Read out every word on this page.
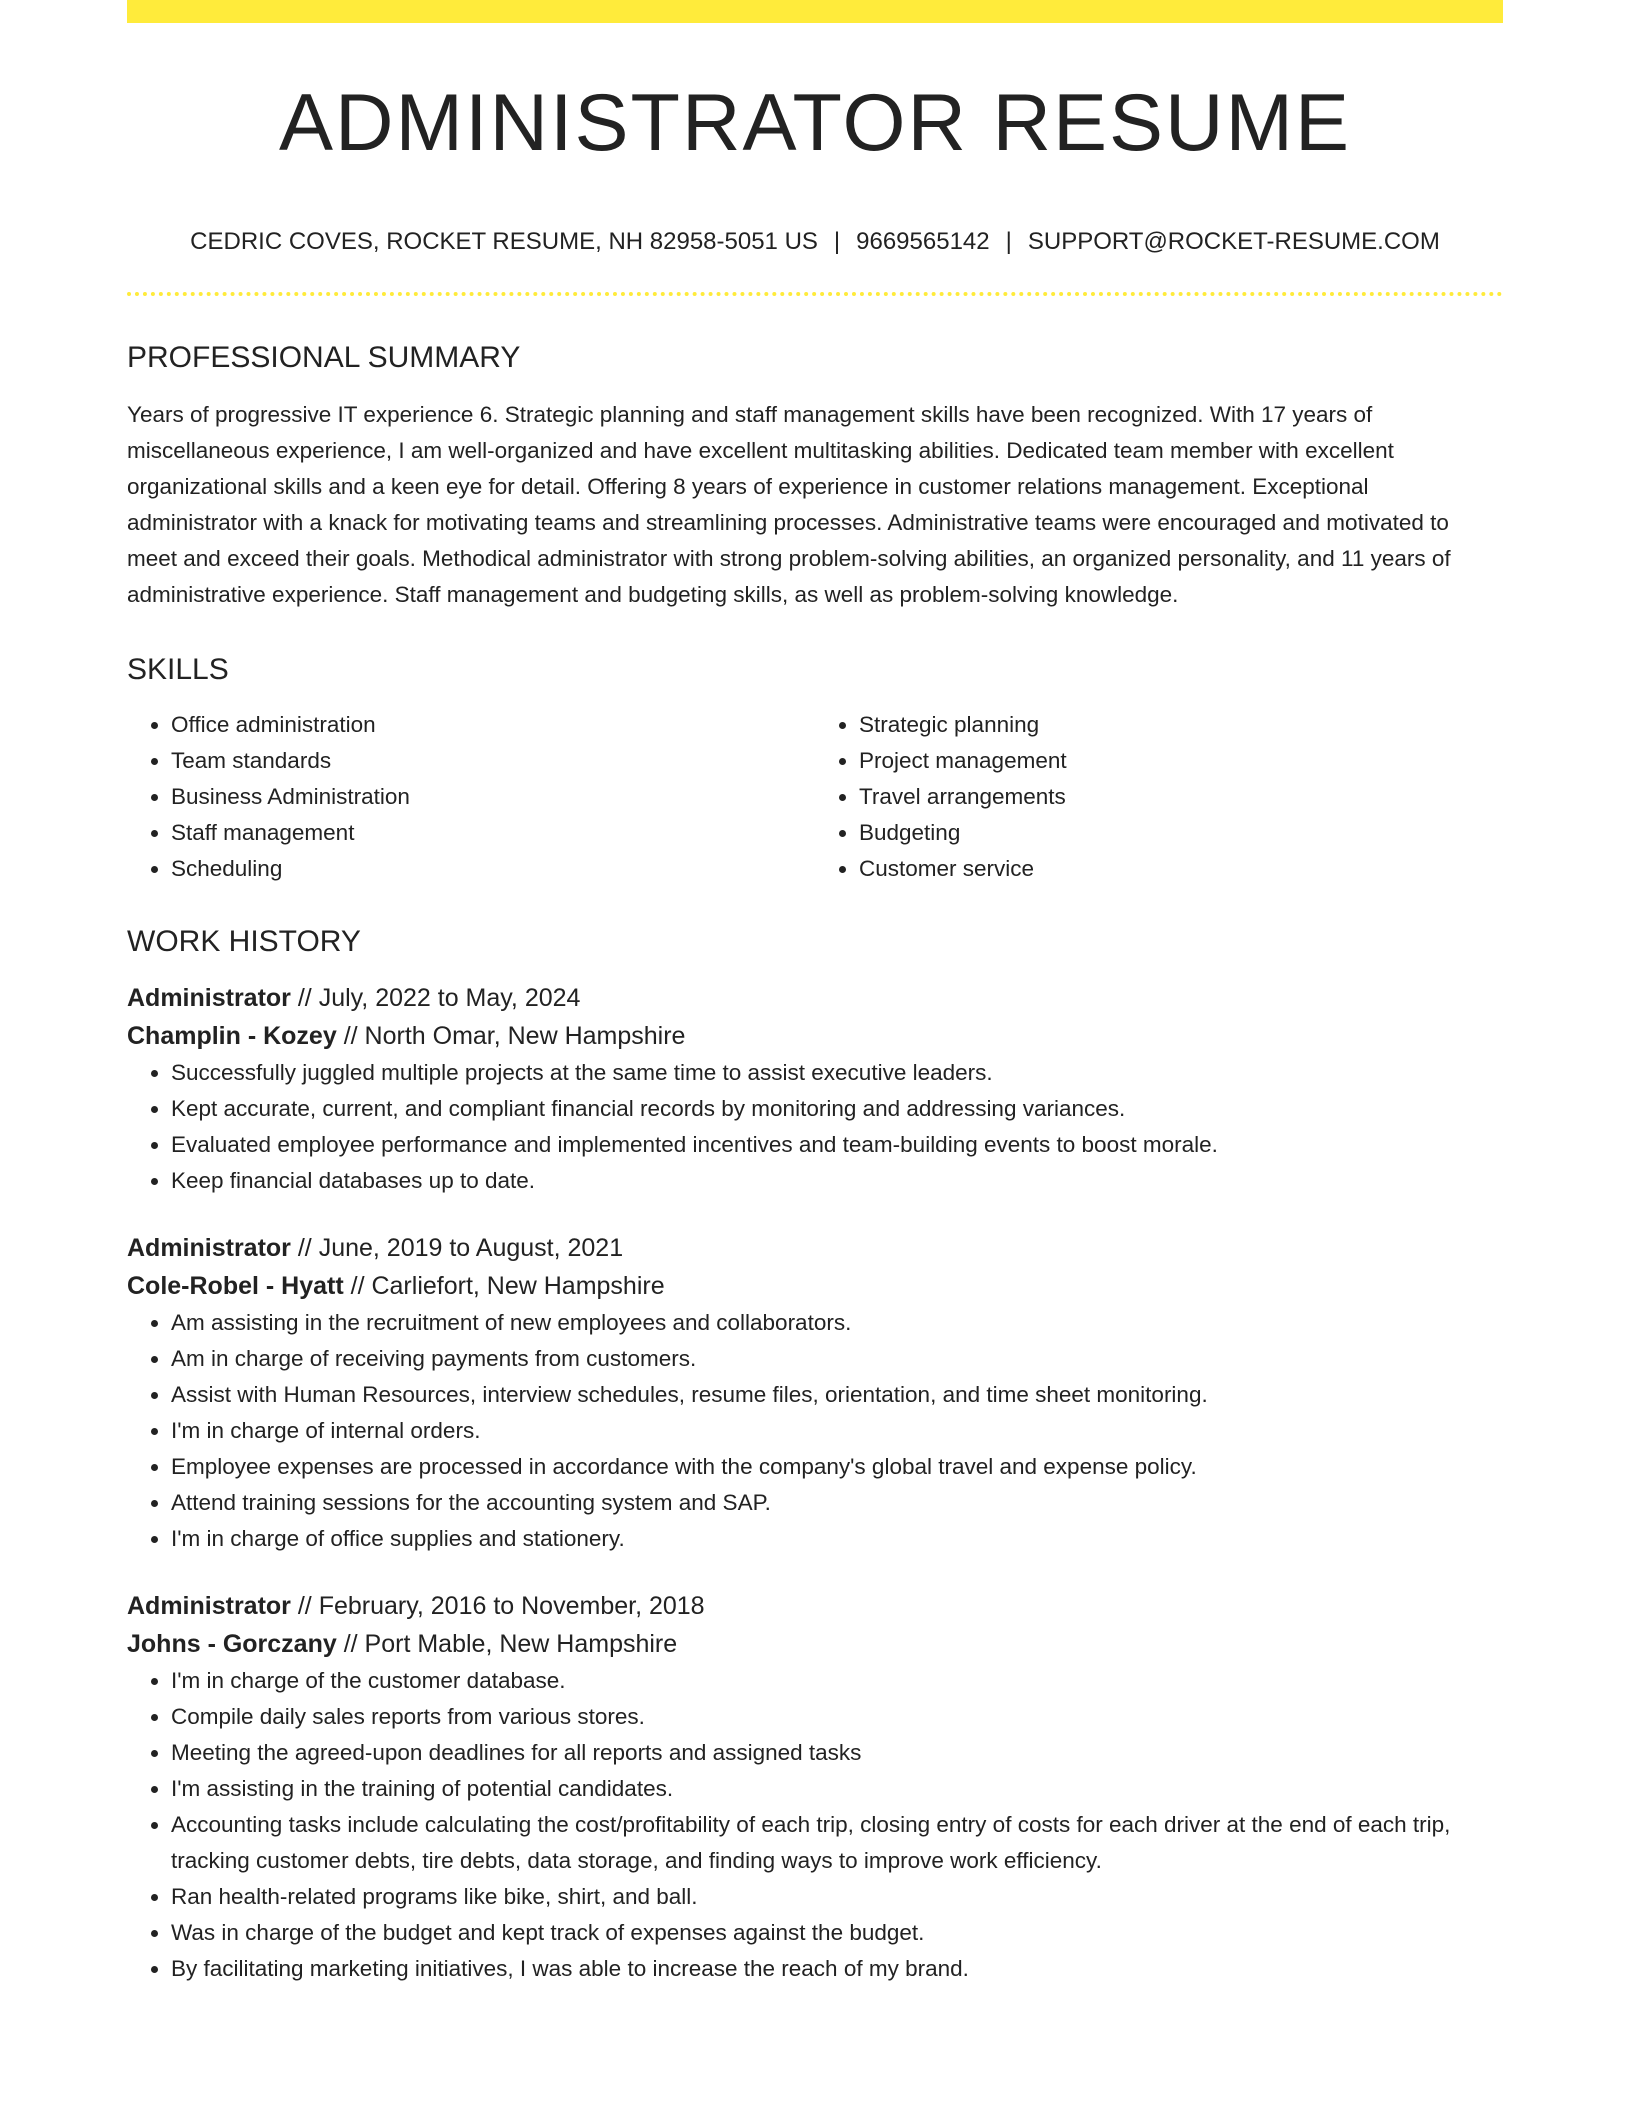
ADMINISTRATOR RESUME
CEDRIC COVES, ROCKET RESUME, NH 82958-5051 US | 9669565142 | SUPPORT@ROCKET-RESUME.COM
PROFESSIONAL SUMMARY

Years of progressive IT experience 6. Strategic planning and staff management skills have been recognized. With 17 years of miscellaneous experience, I am well-organized and have excellent multitasking abilities. Dedicated team member with excellent organizational skills and a keen eye for detail. Offering 8 years of experience in customer relations management. Exceptional administrator with a knack for motivating teams and streamlining processes. Administrative teams were encouraged and motivated to meet and exceed their goals. Methodical administrator with strong problem-solving abilities, an organized personality, and 11 years of administrative experience. Staff management and budgeting skills, as well as problem-solving knowledge.

SKILLS
• Office administration
• Team standards
• Business Administration
• Staff management
• Scheduling
• Strategic planning
• Project management
• Travel arrangements
• Budgeting
• Customer service
WORK HISTORY
Administrator // July, 2022 to May, 2024
Champlin - Kozey // North Omar, New Hampshire
• Successfully juggled multiple projects at the same time to assist executive leaders.
• Kept accurate, current, and compliant financial records by monitoring and addressing variances.
• Evaluated employee performance and implemented incentives and team-building events to boost morale.
• Keep financial databases up to date.
Administrator // June, 2019 to August, 2021
Cole-Robel - Hyatt // Carliefort, New Hampshire
• Am assisting in the recruitment of new employees and collaborators.
• Am in charge of receiving payments from customers.
• Assist with Human Resources, interview schedules, resume files, orientation, and time sheet monitoring.
• I'm in charge of internal orders.
• Employee expenses are processed in accordance with the company's global travel and expense policy.
• Attend training sessions for the accounting system and SAP.
• I'm in charge of office supplies and stationery.
Administrator // February, 2016 to November, 2018
Johns - Gorczany // Port Mable, New Hampshire
• I'm in charge of the customer database.
• Compile daily sales reports from various stores.
• Meeting the agreed-upon deadlines for all reports and assigned tasks
• I'm assisting in the training of potential candidates.
• Accounting tasks include calculating the cost/profitability of each trip, closing entry of costs for each driver at the end of each trip, tracking customer debts, tire debts, data storage, and finding ways to improve work efficiency.
• Ran health-related programs like bike, shirt, and ball.
• Was in charge of the budget and kept track of expenses against the budget.
• By facilitating marketing initiatives, I was able to increase the reach of my brand.
